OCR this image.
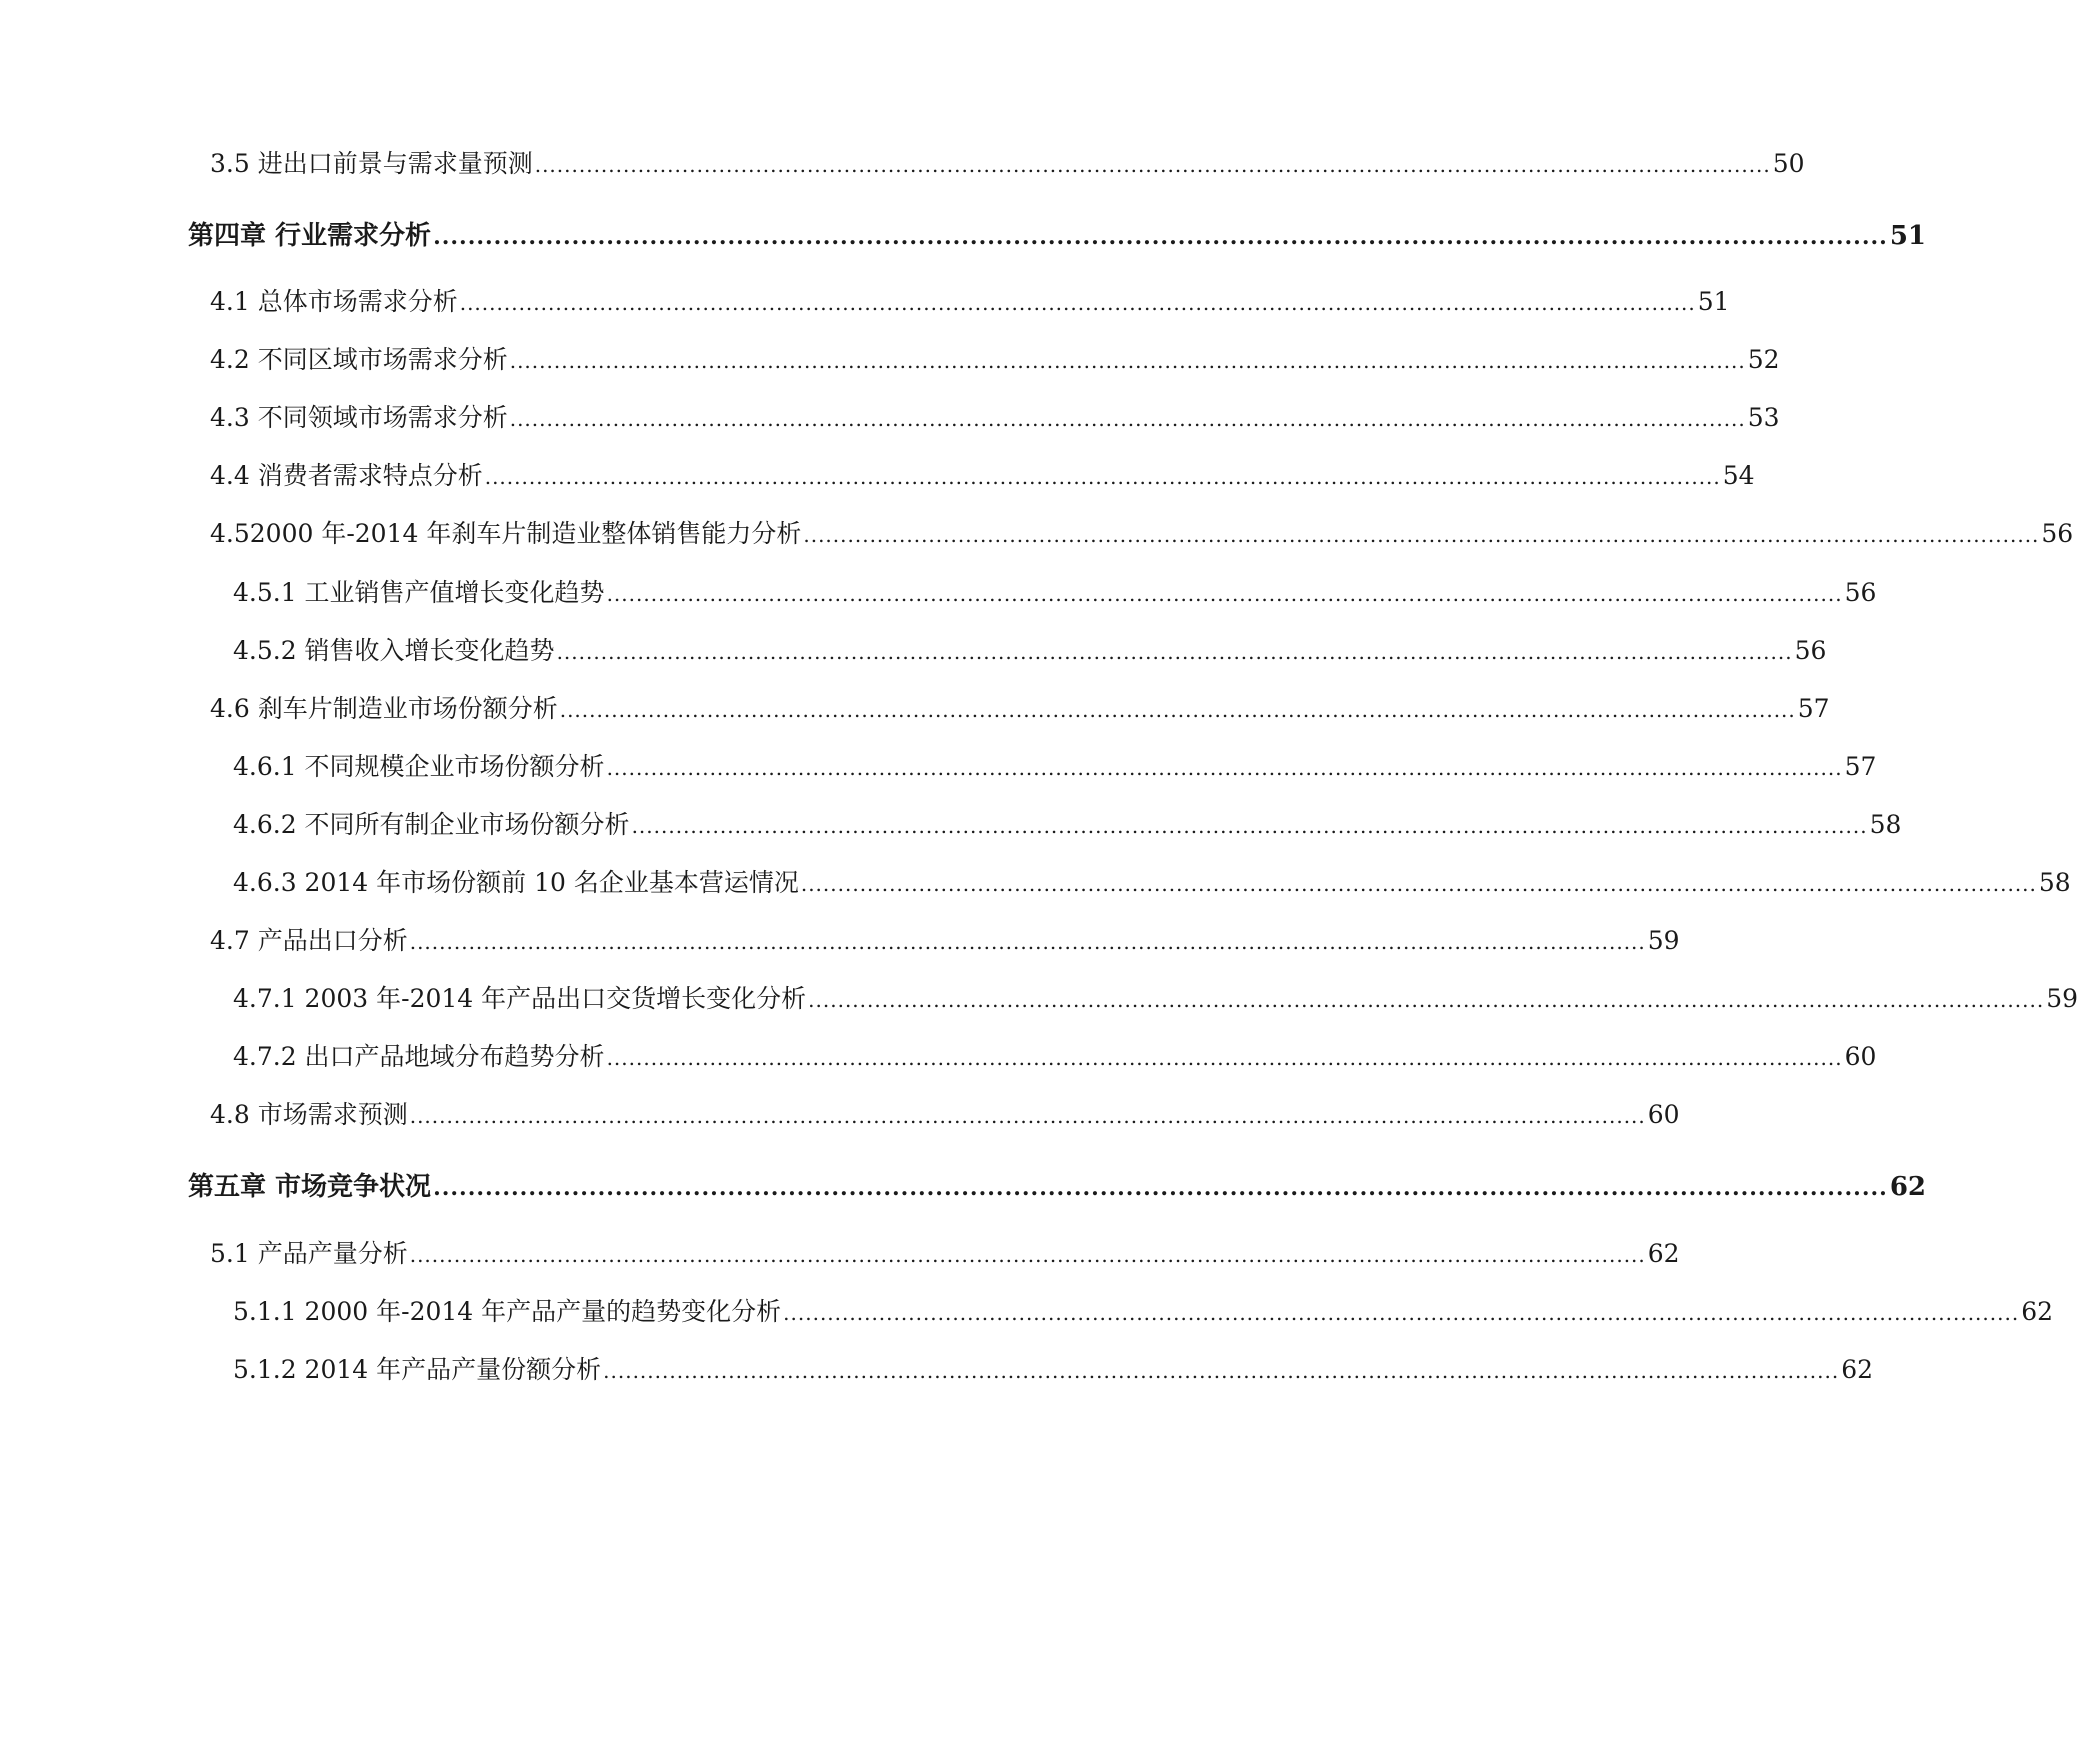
3.5 进出口前景与需求量预测 ........................................................................................................................................................................ 50
第四章 行业需求分析 ........................................................................................................................................................................ 51
4.1 总体市场需求分析 ........................................................................................................................................................................ 51
4.2 不同区域市场需求分析 ........................................................................................................................................................................ 52
4.3 不同领域市场需求分析 ........................................................................................................................................................................ 53
4.4 消费者需求特点分析 ........................................................................................................................................................................ 54
4.52000 年-2014 年刹车片制造业整体销售能力分析 ........................................................................................................................................................................ 56
4.5.1 工业销售产值增长变化趋势 ........................................................................................................................................................................ 56
4.5.2 销售收入增长变化趋势 ........................................................................................................................................................................ 56
4.6 刹车片制造业市场份额分析 ........................................................................................................................................................................ 57
4.6.1 不同规模企业市场份额分析 ........................................................................................................................................................................ 57
4.6.2 不同所有制企业市场份额分析 ........................................................................................................................................................................ 58
4.6.3 2014 年市场份额前 10 名企业基本营运情况 ........................................................................................................................................................................ 58
4.7 产品出口分析 ........................................................................................................................................................................ 59
4.7.1 2003 年-2014 年产品出口交货增长变化分析 ........................................................................................................................................................................ 59
4.7.2 出口产品地域分布趋势分析 ........................................................................................................................................................................ 60
4.8 市场需求预测 ........................................................................................................................................................................ 60
第五章 市场竞争状况 ........................................................................................................................................................................ 62
5.1 产品产量分析 ........................................................................................................................................................................ 62
5.1.1 2000 年-2014 年产品产量的趋势变化分析 ........................................................................................................................................................................ 62
5.1.2 2014 年产品产量份额分析 ........................................................................................................................................................................ 62
